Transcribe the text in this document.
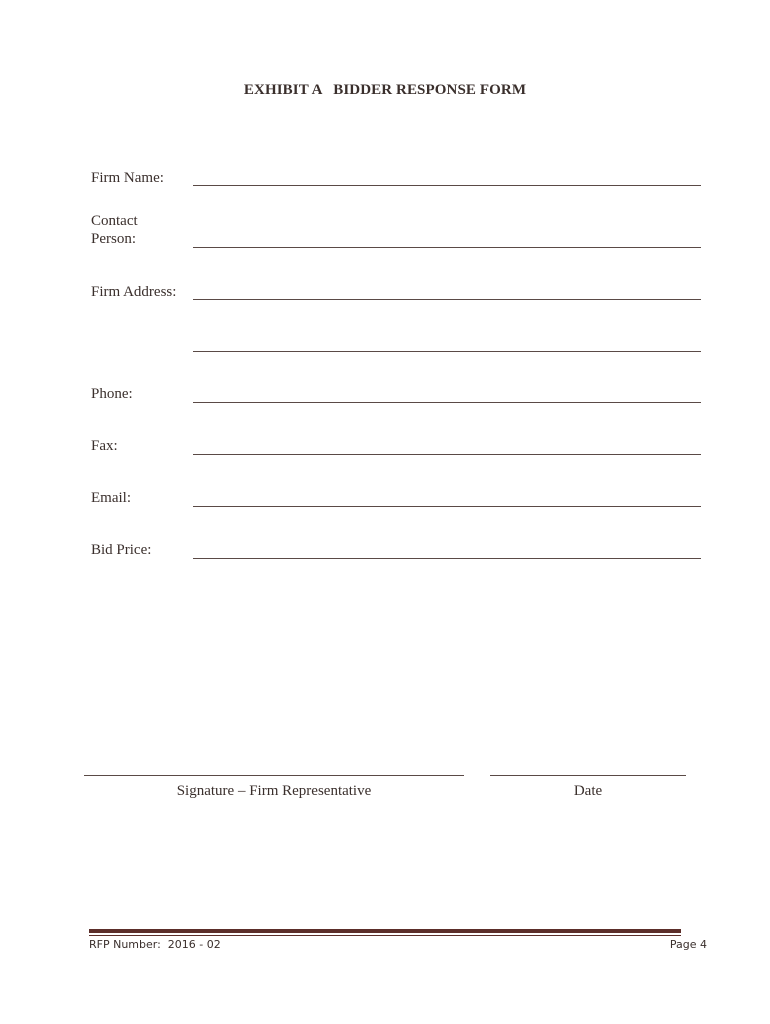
EXHIBIT A   BIDDER RESPONSE FORM
Firm Name:
Contact
Person:
Firm Address:
Phone:
Fax:
Email:
Bid Price:
Signature – Firm Representative	Date
RFP Number:  2016 - 02	Page 4
